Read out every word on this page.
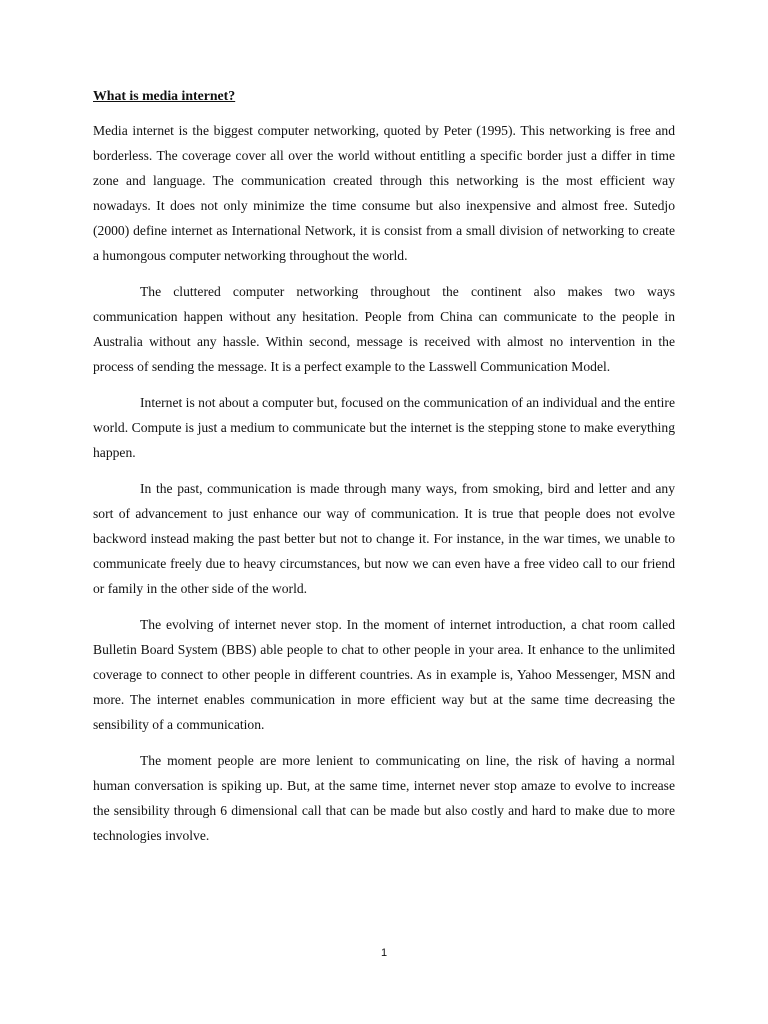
What is media internet?

Media internet is the biggest computer networking, quoted by Peter (1995). This networking is free and borderless. The coverage cover all over the world without entitling a specific border just a differ in time zone and language. The communication created through this networking is the most efficient way nowadays. It does not only minimize the time consume but also inexpensive and almost free. Sutedjo (2000) define internet as International Network, it is consist from a small division of networking to create a humongous computer networking throughout the world.

The cluttered computer networking throughout the continent also makes two ways communication happen without any hesitation. People from China can communicate to the people in Australia without any hassle. Within second, message is received with almost no intervention in the process of sending the message. It is a perfect example to the Lasswell Communication Model.

Internet is not about a computer but, focused on the communication of an individual and the entire world. Compute is just a medium to communicate but the internet is the stepping stone to make everything happen.

In the past, communication is made through many ways, from smoking, bird and letter and any sort of advancement to just enhance our way of communication. It is true that people does not evolve backword instead making the past better but not to change it. For instance, in the war times, we unable to communicate freely due to heavy circumstances, but now we can even have a free video call to our friend or family in the other side of the world.

The evolving of internet never stop. In the moment of internet introduction, a chat room called Bulletin Board System (BBS) able people to chat to other people in your area. It enhance to the unlimited coverage to connect to other people in different countries. As in example is, Yahoo Messenger, MSN and more. The internet enables communication in more efficient way but at the same time decreasing the sensibility of a communication.

The moment people are more lenient to communicating on line, the risk of having a normal human conversation is spiking up. But, at the same time, internet never stop amaze to evolve to increase the sensibility through 6 dimensional call that can be made but also costly and hard to make due to more technologies involve.

1
